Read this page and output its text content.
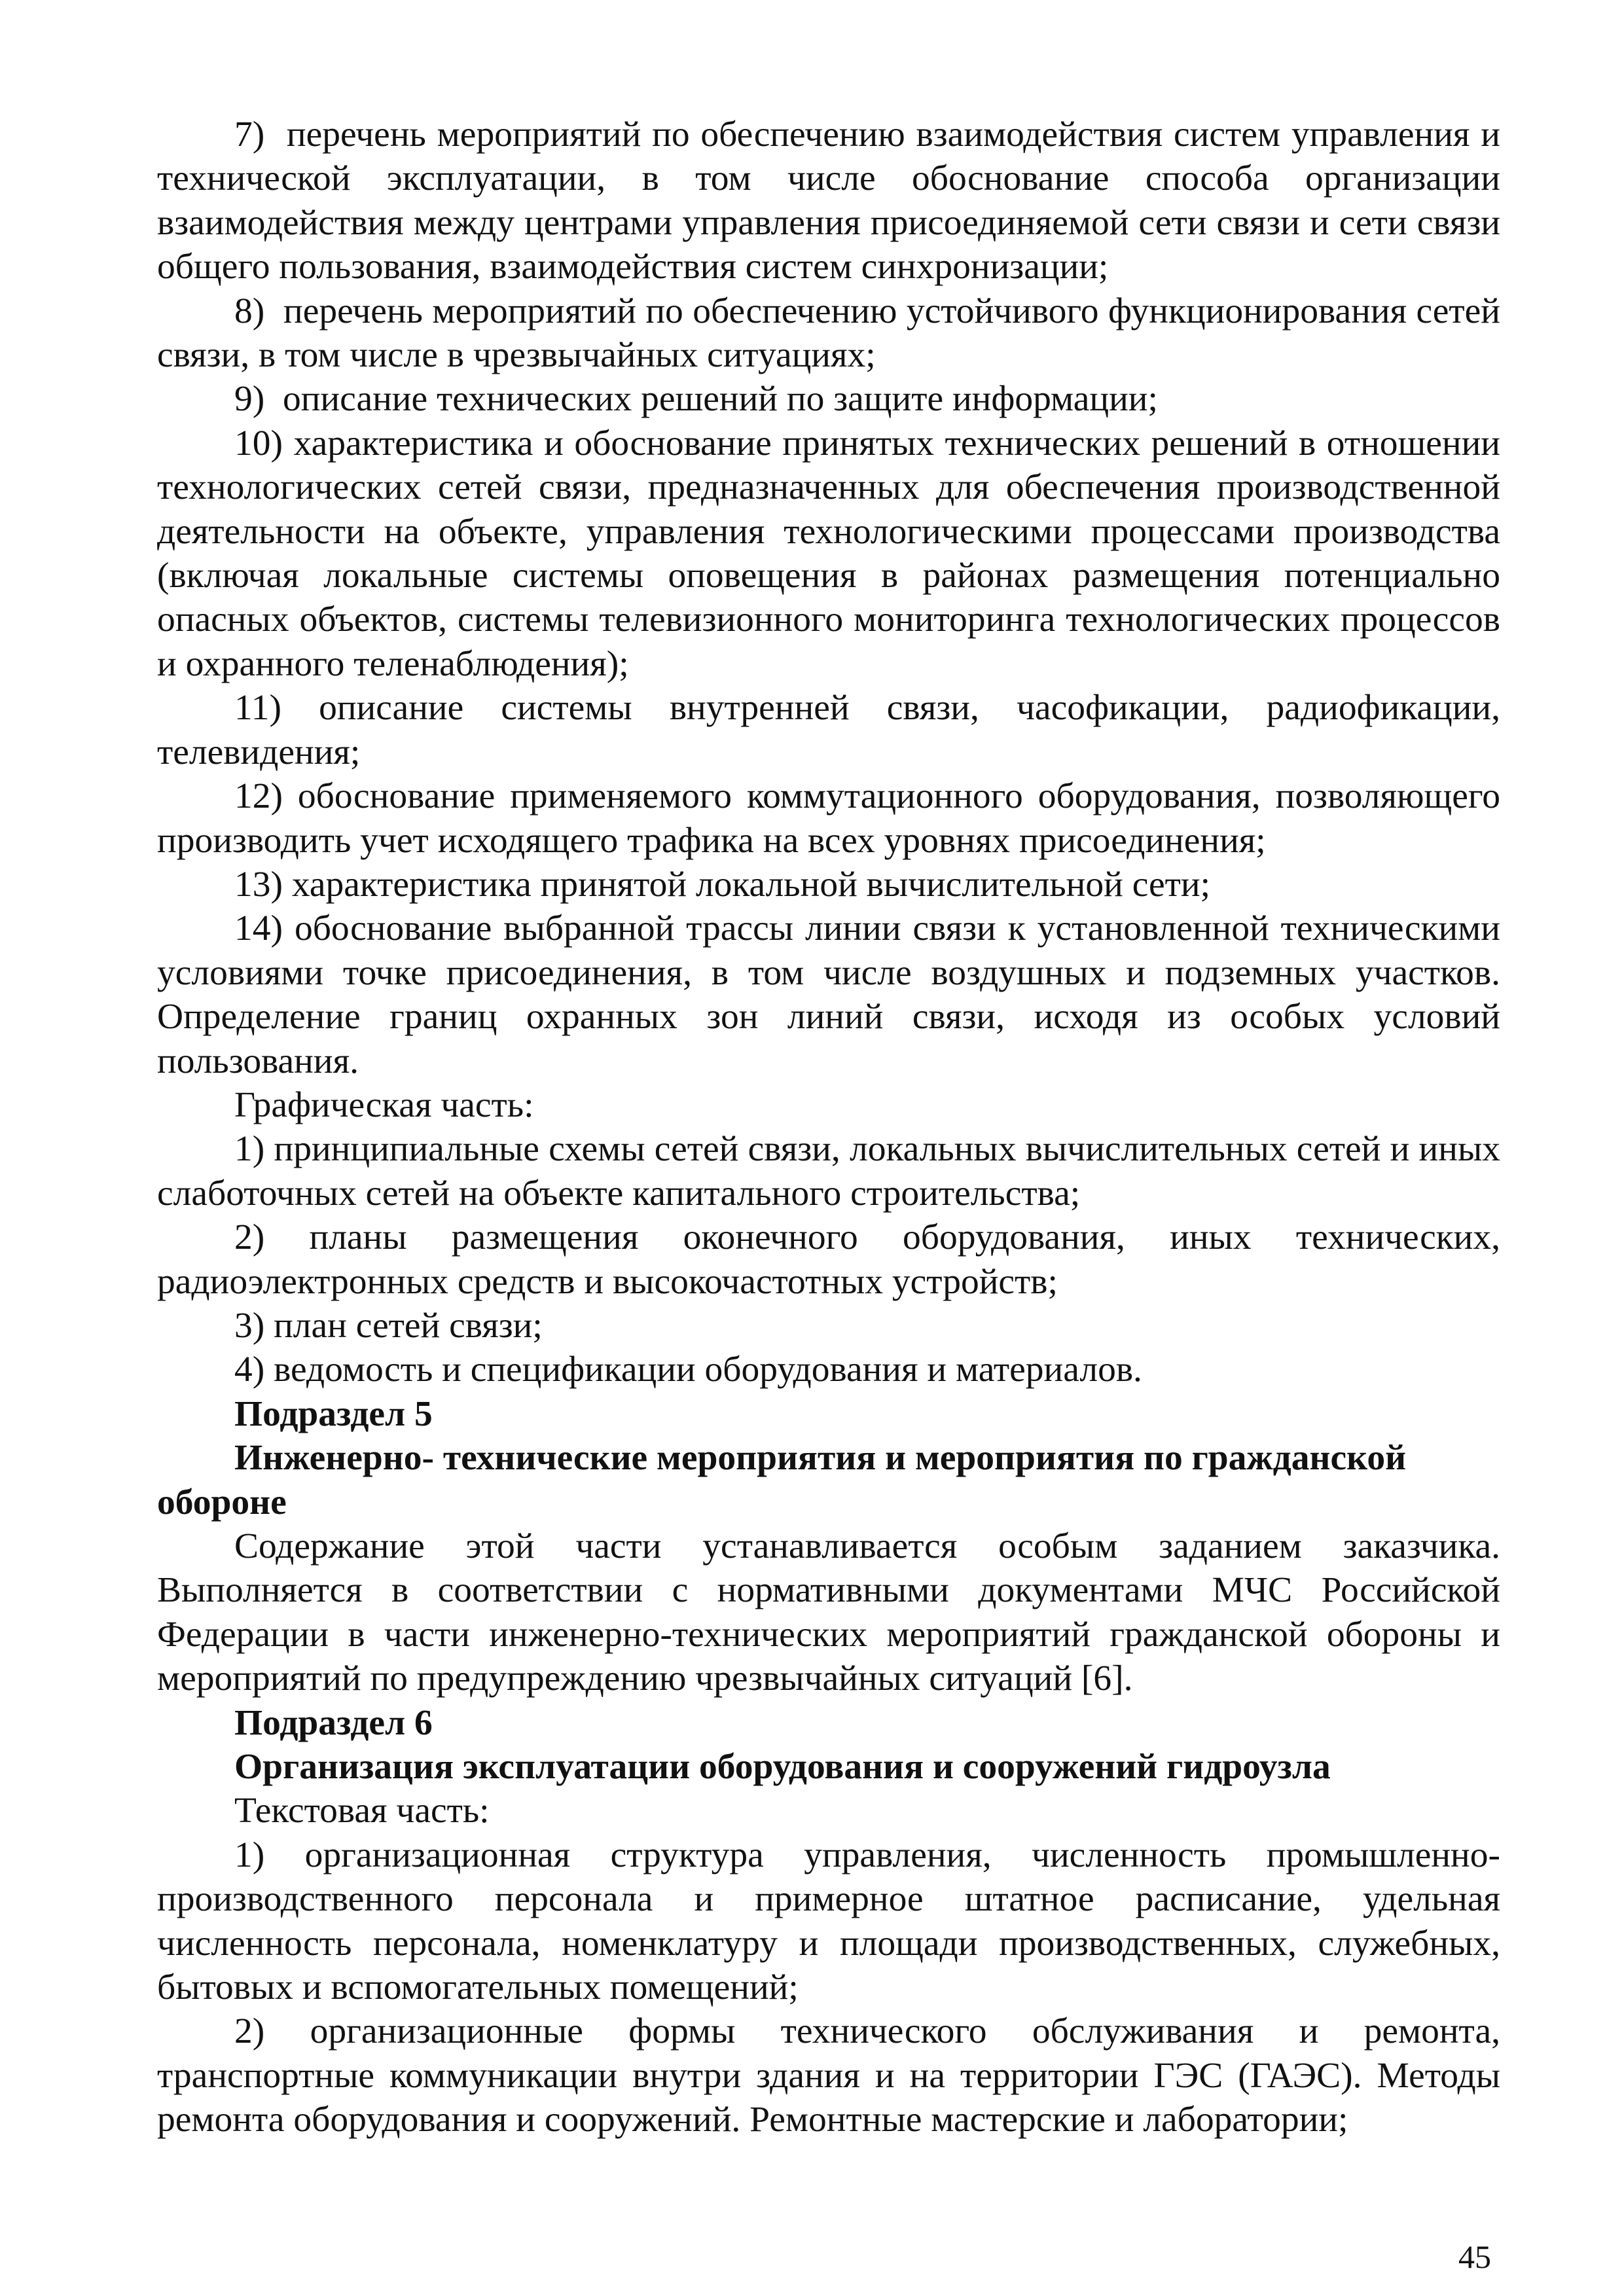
7)  перечень мероприятий по обеспечению взаимодействия систем управления и технической эксплуатации, в том числе обоснование способа организации взаимодействия между центрами управления присоединяемой сети связи и сети связи общего пользования, взаимодействия систем синхронизации;

8)  перечень мероприятий по обеспечению устойчивого функционирования сетей связи, в том числе в чрезвычайных ситуациях;

9)  описание технических решений по защите информации;

10) характеристика и обоснование принятых технических решений в отношении технологических сетей связи, предназначенных для обеспечения производственной деятельности на объекте, управления технологическими процессами производства (включая локальные системы оповещения в районах размещения потенциально опасных объектов, системы телевизионного мониторинга технологических процессов и охранного теленаблюдения);

11) описание системы внутренней связи, часофикации, радиофикации, телевидения;

12) обоснование применяемого коммутационного оборудования, позволяющего производить учет исходящего трафика на всех уровнях присоединения;

13) характеристика принятой локальной вычислительной сети;

14) обоснование выбранной трассы линии связи к установленной техническими условиями точке присоединения, в том числе воздушных и подземных участков. Определение границ охранных зон линий связи, исходя из особых условий пользования.

Графическая часть:

1) принципиальные схемы сетей связи, локальных вычислительных сетей и иных слаботочных сетей на объекте капитального строительства;

2) планы размещения оконечного оборудования, иных технических, радиоэлектронных средств и высокочастотных устройств;

3) план сетей связи;

4) ведомость и спецификации оборудования и материалов.

Подраздел 5

Инженерно- технические мероприятия и мероприятия по гражданской обороне

Содержание этой части устанавливается особым заданием заказчика. Выполняется в соответствии с нормативными документами МЧС Российской Федерации в части инженерно-технических мероприятий гражданской обороны и мероприятий по предупреждению чрезвычайных ситуаций [6].

Подраздел 6

Организация эксплуатации оборудования и сооружений гидроузла

Текстовая часть:

1) организационная структура управления, численность промышленно-производственного персонала и примерное штатное расписание, удельная численность персонала, номенклатуру и площади производственных, служебных, бытовых и вспомогательных помещений;

2) организационные формы технического обслуживания и ремонта, транспортные коммуникации внутри здания и на территории ГЭС (ГАЭС). Методы ремонта оборудования и сооружений. Ремонтные мастерские и лаборатории;

45
